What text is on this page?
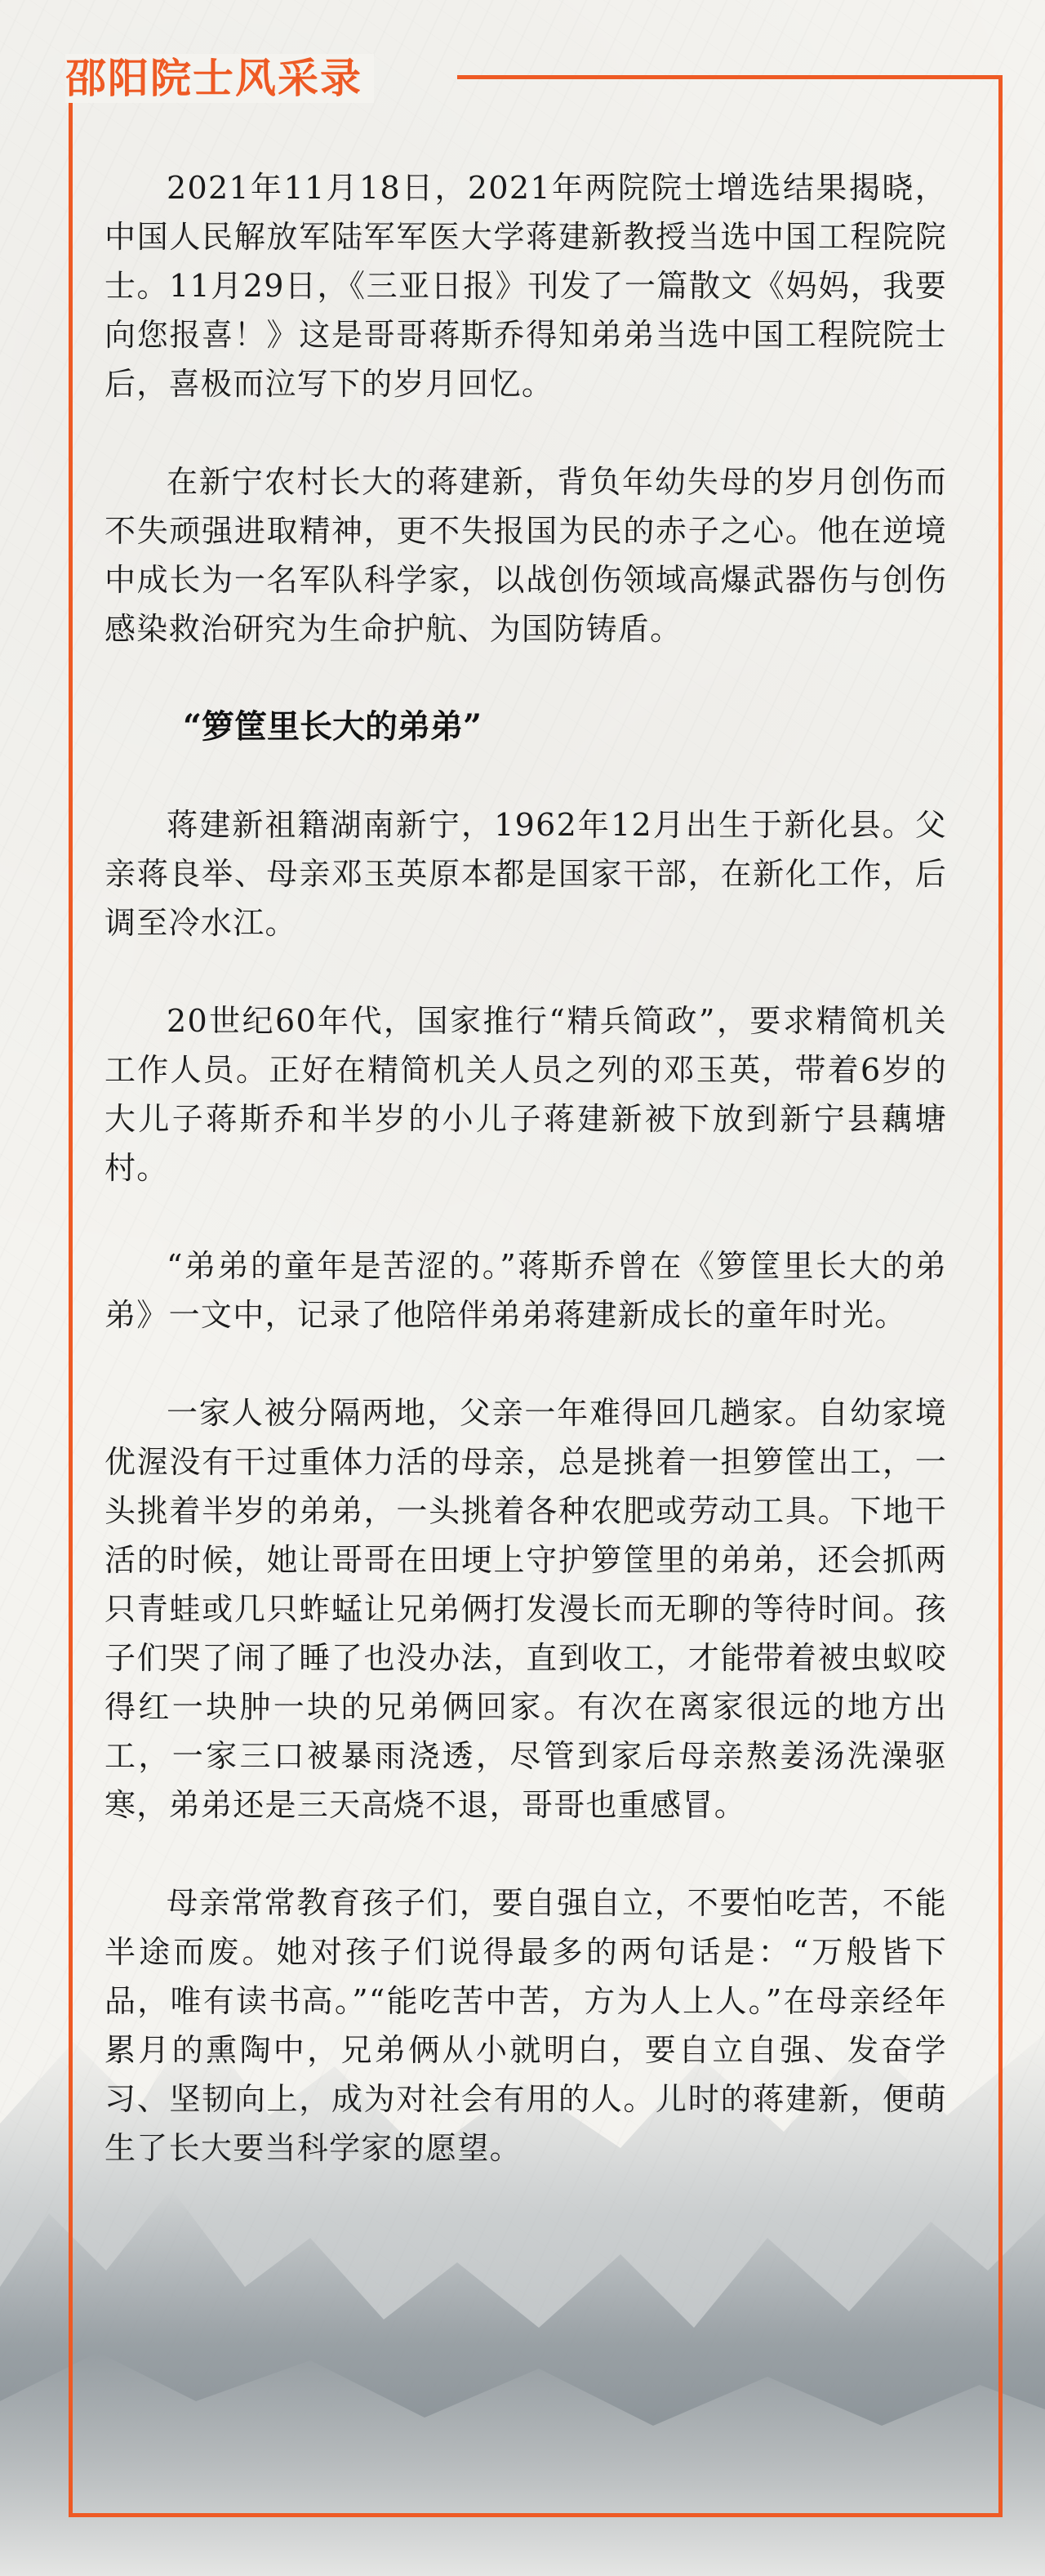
邵阳院士风采录

2021年11月18日，2021年两院院士增选结果揭晓，中国人民解放军陆军军医大学蒋建新教授当选中国工程院院士。11月29日，《三亚日报》刊发了一篇散文《妈妈，我要向您报喜！》这是哥哥蒋斯乔得知弟弟当选中国工程院院士后，喜极而泣写下的岁月回忆。

在新宁农村长大的蒋建新，背负年幼失母的岁月创伤而不失顽强进取精神，更不失报国为民的赤子之心。他在逆境中成长为一名军队科学家，以战创伤领域高爆武器伤与创伤感染救治研究为生命护航、为国防铸盾。

“箩筐里长大的弟弟”

蒋建新祖籍湖南新宁，1962年12月出生于新化县。父亲蒋良举、母亲邓玉英原本都是国家干部，在新化工作，后调至冷水江。

20世纪60年代，国家推行“精兵简政”，要求精简机关工作人员。正好在精简机关人员之列的邓玉英，带着6岁的大儿子蒋斯乔和半岁的小儿子蒋建新被下放到新宁县藕塘村。

“弟弟的童年是苦涩的。”蒋斯乔曾在《箩筐里长大的弟弟》一文中，记录了他陪伴弟弟蒋建新成长的童年时光。

一家人被分隔两地，父亲一年难得回几趟家。自幼家境优渥没有干过重体力活的母亲，总是挑着一担箩筐出工，一头挑着半岁的弟弟，一头挑着各种农肥或劳动工具。下地干活的时候，她让哥哥在田埂上守护箩筐里的弟弟，还会抓两只青蛙或几只蚱蜢让兄弟俩打发漫长而无聊的等待时间。孩子们哭了闹了睡了也没办法，直到收工，才能带着被虫蚁咬得红一块肿一块的兄弟俩回家。有次在离家很远的地方出工，一家三口被暴雨浇透，尽管到家后母亲熬姜汤洗澡驱寒，弟弟还是三天高烧不退，哥哥也重感冒。

母亲常常教育孩子们，要自强自立，不要怕吃苦，不能半途而废。她对孩子们说得最多的两句话是：“万般皆下品，唯有读书高。”“能吃苦中苦，方为人上人。”在母亲经年累月的熏陶中，兄弟俩从小就明白，要自立自强、发奋学习、坚韧向上，成为对社会有用的人。儿时的蒋建新，便萌生了长大要当科学家的愿望。
